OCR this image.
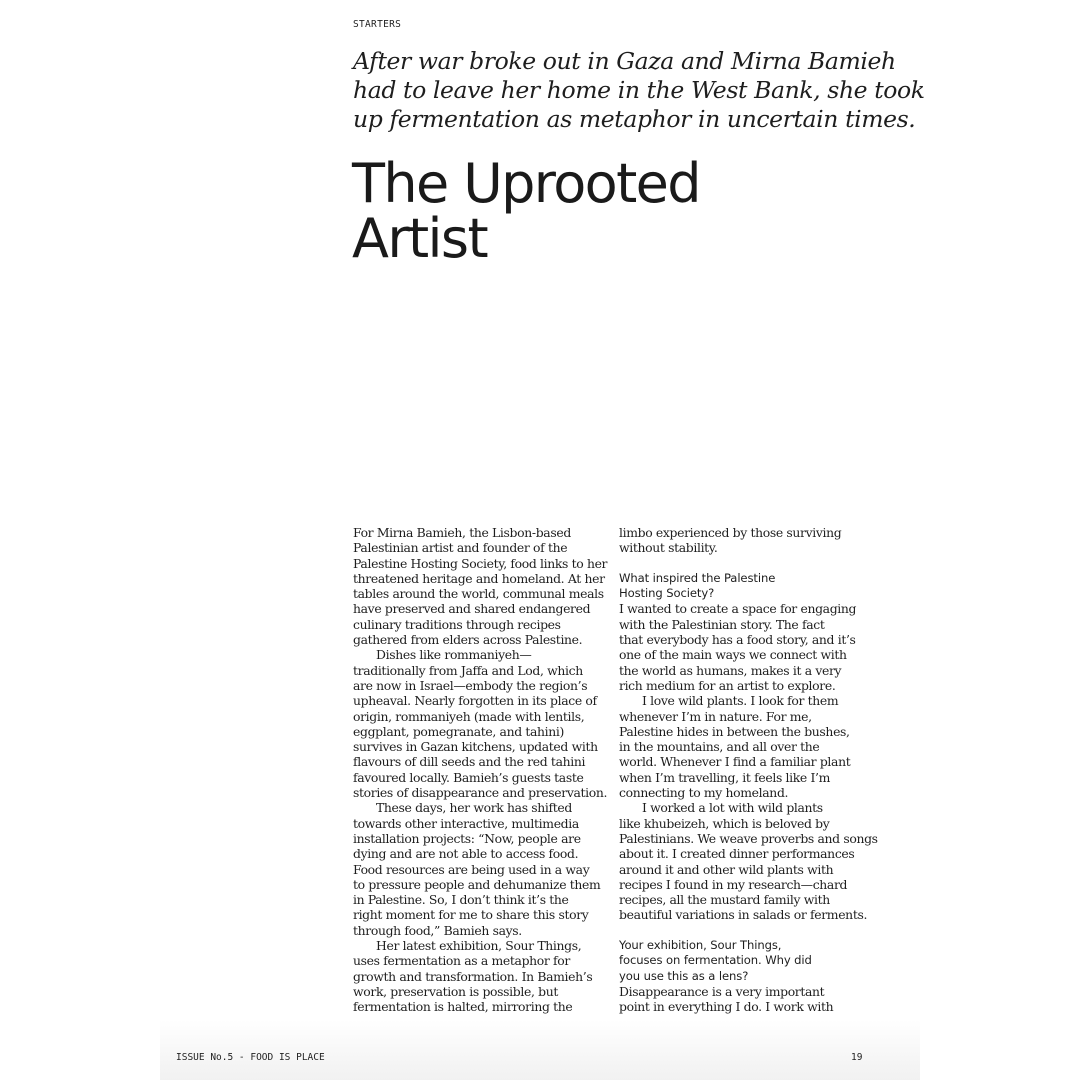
STARTERS
After war broke out in Gaza and Mirna Bamieh
had to leave her home in the West Bank, she took
up fermentation as metaphor in uncertain times.
The Uprooted
Artist
For Mirna Bamieh, the Lisbon-based
Palestinian artist and founder of the
Palestine Hosting Society, food links to her
threatened heritage and homeland. At her
tables around the world, communal meals
have preserved and shared endangered
culinary traditions through recipes
gathered from elders across Palestine.
Dishes like rommaniyeh—
traditionally from Jaffa and Lod, which
are now in Israel—embody the region’s
upheaval. Nearly forgotten in its place of
origin, rommaniyeh (made with lentils,
eggplant, pomegranate, and tahini)
survives in Gazan kitchens, updated with
flavours of dill seeds and the red tahini
favoured locally. Bamieh’s guests taste
stories of disappearance and preservation.
These days, her work has shifted
towards other interactive, multimedia
installation projects: “Now, people are
dying and are not able to access food.
Food resources are being used in a way
to pressure people and dehumanize them
in Palestine. So, I don’t think it’s the
right moment for me to share this story
through food,” Bamieh says.
Her latest exhibition, Sour Things,
uses fermentation as a metaphor for
growth and transformation. In Bamieh’s
work, preservation is possible, but
fermentation is halted, mirroring the
limbo experienced by those surviving
without stability.
What inspired the Palestine
Hosting Society?
I wanted to create a space for engaging
with the Palestinian story. The fact
that everybody has a food story, and it’s
one of the main ways we connect with
the world as humans, makes it a very
rich medium for an artist to explore.
I love wild plants. I look for them
whenever I’m in nature. For me,
Palestine hides in between the bushes,
in the mountains, and all over the
world. Whenever I find a familiar plant
when I’m travelling, it feels like I’m
connecting to my homeland.
I worked a lot with wild plants
like khubeizeh, which is beloved by
Palestinians. We weave proverbs and songs
about it. I created dinner performances
around it and other wild plants with
recipes I found in my research—chard
recipes, all the mustard family with
beautiful variations in salads or ferments.
Your exhibition, Sour Things,
focuses on fermentation. Why did
you use this as a lens?
Disappearance is a very important
point in everything I do. I work with
ISSUE No.5 - FOOD IS PLACE	19
